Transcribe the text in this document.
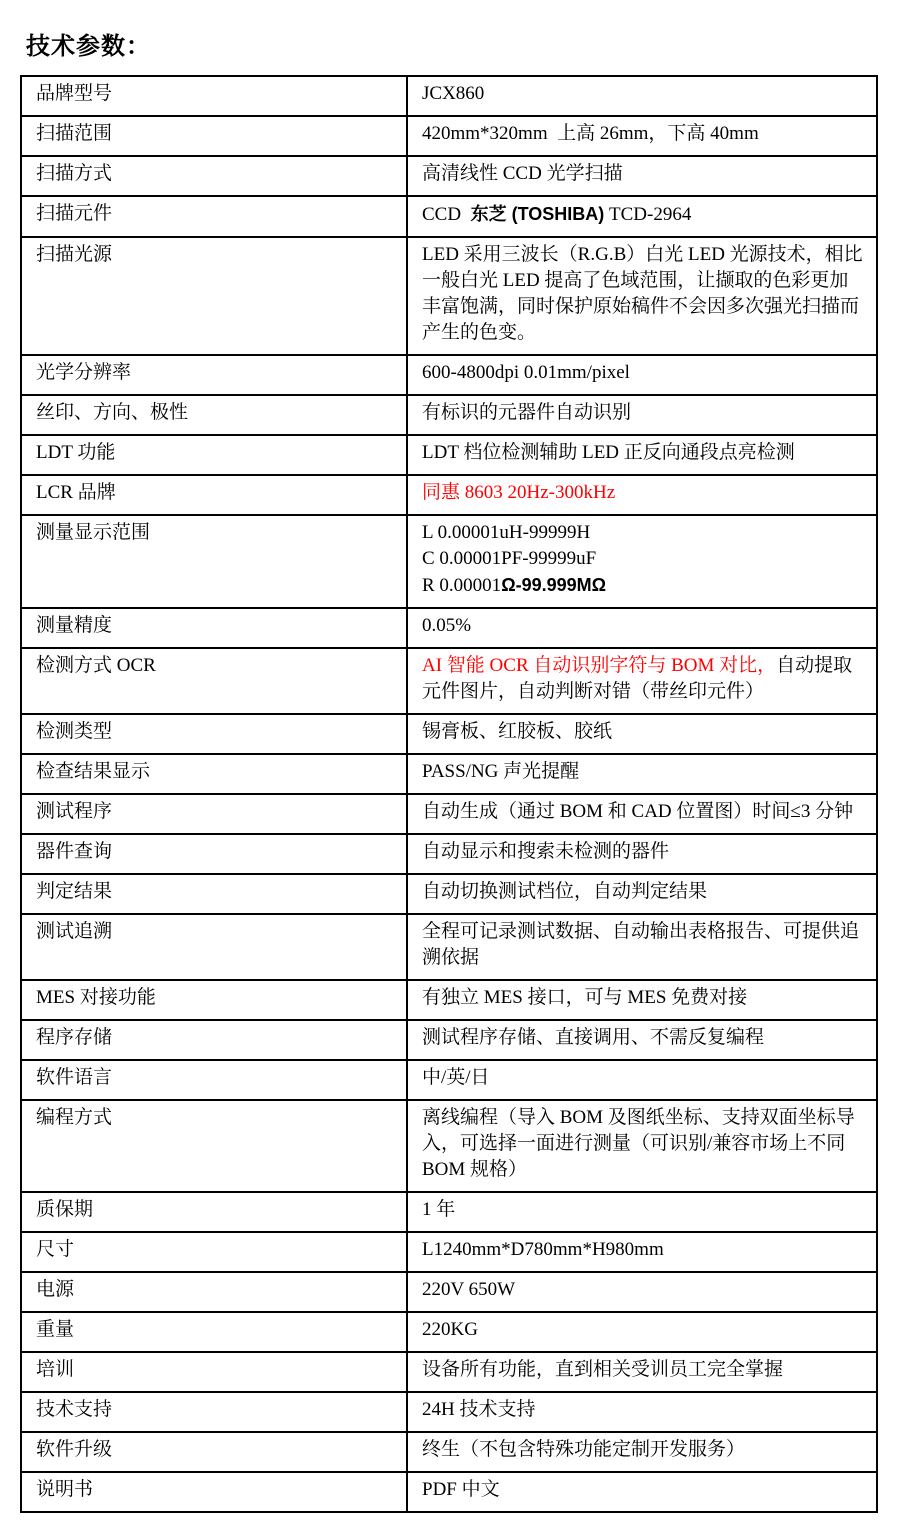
技术参数：
品牌型号	JCX860

扫描范围	420mm*320mm  上高 26mm，下高 40mm

扫描方式	高清线性 CCD 光学扫描

扫描元件	CCD  东芝 (TOSHIBA) TCD-2964

扫描光源	LED 采用三波长（R.G.B）白光 LED 光源技术，相比一般白光 LED 提高了色域范围，让撷取的色彩更加丰富饱满，同时保护原始稿件不会因多次强光扫描而产生的色变。

光学分辨率	600-4800dpi 0.01mm/pixel

丝印、方向、极性	有标识的元器件自动识别

LDT 功能	LDT 档位检测辅助 LED 正反向通段点亮检测

LCR 品牌	同惠 8603 20Hz-300kHz

测量显示范围	L 0.00001uH-99999H
C 0.00001PF-99999uF
R 0.00001Ω-99.999MΩ

测量精度	0.05%

检测方式 OCR	AI 智能 OCR 自动识别字符与 BOM 对比，自动提取元件图片，自动判断对错（带丝印元件）

检测类型	锡膏板、红胶板、胶纸

检查结果显示	PASS/NG 声光提醒

测试程序	自动生成（通过 BOM 和 CAD 位置图）时间≤3 分钟

器件查询	自动显示和搜索未检测的器件

判定结果	自动切换测试档位，自动判定结果

测试追溯	全程可记录测试数据、自动输出表格报告、可提供追溯依据

MES 对接功能	有独立 MES 接口，可与 MES 免费对接

程序存储	测试程序存储、直接调用、不需反复编程

软件语言	中/英/日

编程方式	离线编程（导入 BOM 及图纸坐标、支持双面坐标导入，可选择一面进行测量（可识别/兼容市场上不同 BOM 规格）

质保期	1 年

尺寸	L1240mm*D780mm*H980mm

电源	220V 650W

重量	220KG

培训	设备所有功能，直到相关受训员工完全掌握

技术支持	24H 技术支持

软件升级	终生（不包含特殊功能定制开发服务）

说明书	PDF 中文
